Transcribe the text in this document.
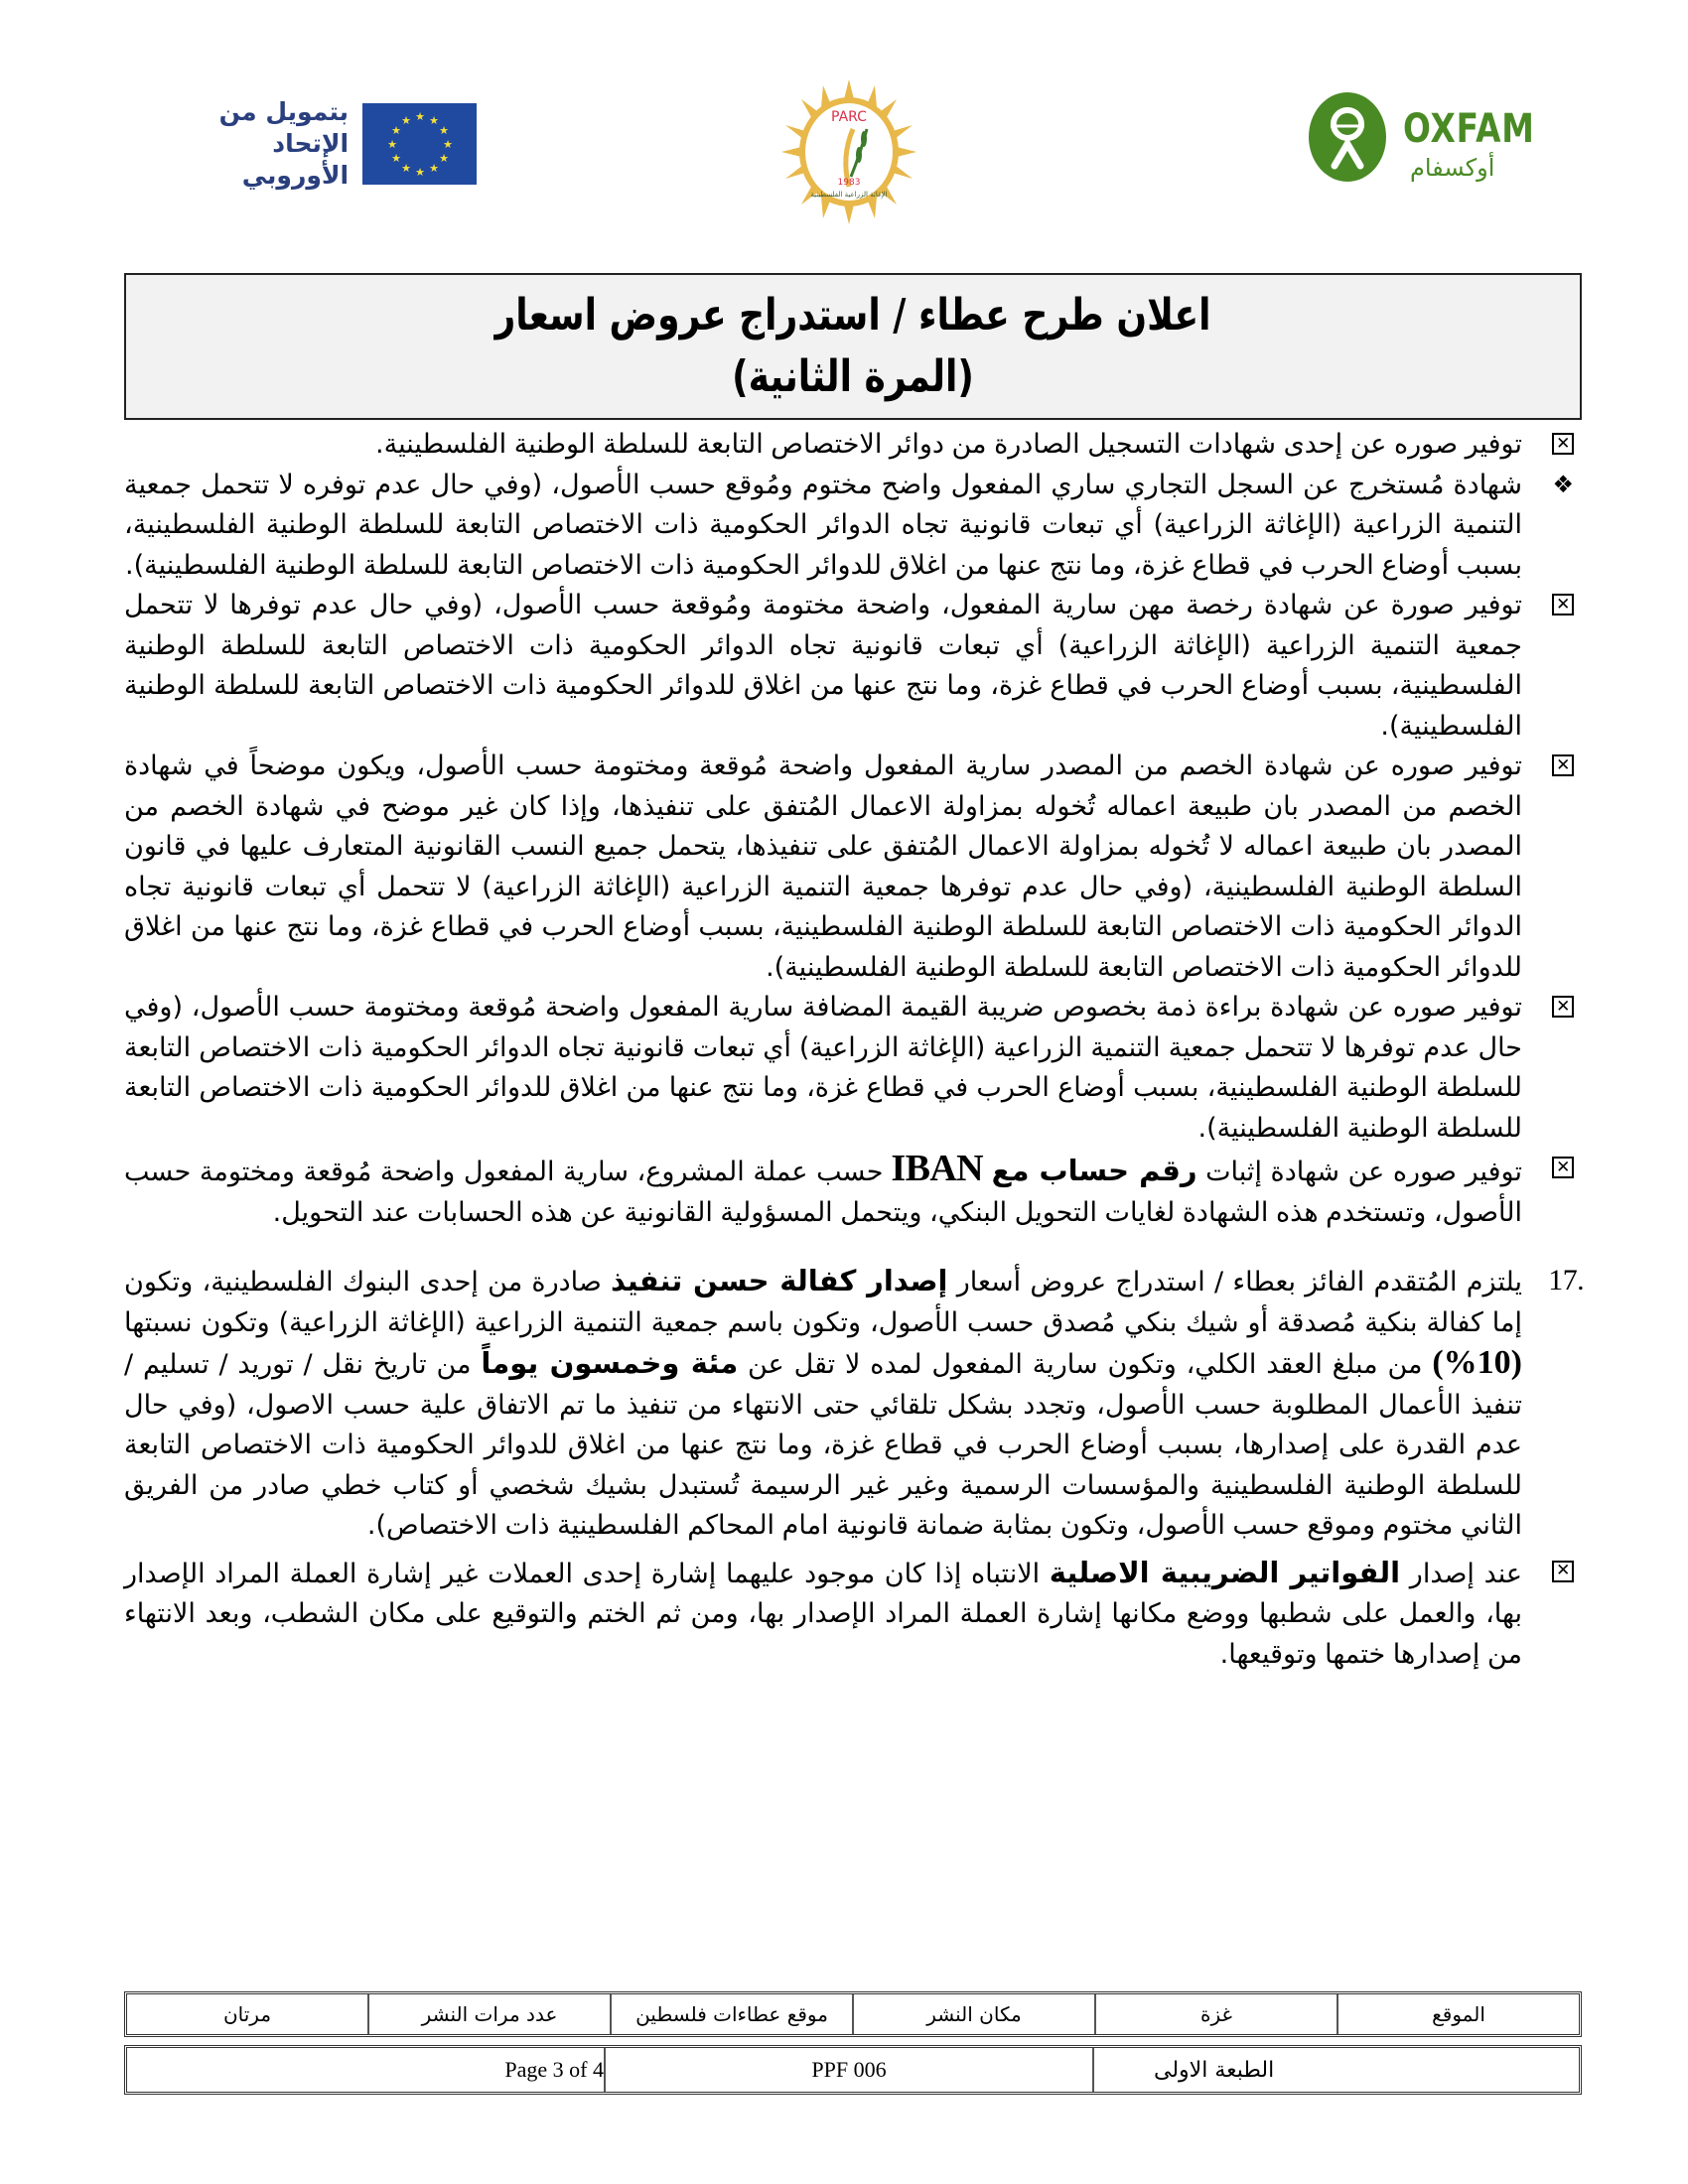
بتمويل من
الإتحاد الأوروبي
★ ★
★
★
★
★
★
★
★
★
★
★	PARC
1983
الإغاثة الزراعية الفلسطينية
OXFAM
أوكسفام
اعلان طرح عطاء / استدراج عروض اسعار
(المرة الثانية)
✕
توفير صوره عن إحدى شهادات التسجيل الصادرة من دوائر الاختصاص التابعة للسلطة الوطنية الفلسطينية.
❖
شهادة مُستخرج عن السجل التجاري ساري المفعول واضح مختوم ومُوقع حسب الأصول، (وفي حال عدم توفره لا تتحمل جمعية التنمية الزراعية (الإغاثة الزراعية) أي تبعات قانونية تجاه الدوائر الحكومية ذات الاختصاص التابعة للسلطة الوطنية الفلسطينية، بسبب أوضاع الحرب في قطاع غزة، وما نتج عنها من اغلاق للدوائر الحكومية ذات الاختصاص التابعة للسلطة الوطنية الفلسطينية).
✕
توفير صورة عن شهادة رخصة مهن سارية المفعول، واضحة مختومة ومُوقعة حسب الأصول، (وفي حال عدم توفرها لا تتحمل جمعية التنمية الزراعية (الإغاثة الزراعية) أي تبعات قانونية تجاه الدوائر الحكومية ذات الاختصاص التابعة للسلطة الوطنية الفلسطينية، بسبب أوضاع الحرب في قطاع غزة، وما نتج عنها من اغلاق للدوائر الحكومية ذات الاختصاص التابعة للسلطة الوطنية الفلسطينية).
✕
توفير صوره عن شهادة الخصم من المصدر سارية المفعول واضحة مُوقعة ومختومة حسب الأصول، ويكون موضحاً في شهادة الخصم من المصدر بان طبيعة اعماله تُخوله بمزاولة الاعمال المُتفق على تنفيذها، وإذا كان غير موضح في شهادة الخصم من المصدر بان طبيعة اعماله لا تُخوله بمزاولة الاعمال المُتفق على تنفيذها، يتحمل جميع النسب القانونية المتعارف عليها في قانون السلطة الوطنية الفلسطينية، (وفي حال عدم توفرها جمعية التنمية الزراعية (الإغاثة الزراعية) لا تتحمل أي تبعات قانونية تجاه الدوائر الحكومية ذات الاختصاص التابعة للسلطة الوطنية الفلسطينية، بسبب أوضاع الحرب في قطاع غزة، وما نتج عنها من اغلاق للدوائر الحكومية ذات الاختصاص التابعة للسلطة الوطنية الفلسطينية).
✕
توفير صوره عن شهادة براءة ذمة بخصوص ضريبة القيمة المضافة سارية المفعول واضحة مُوقعة ومختومة حسب الأصول، (وفي حال عدم توفرها لا تتحمل جمعية التنمية الزراعية (الإغاثة الزراعية) أي تبعات قانونية تجاه الدوائر الحكومية ذات الاختصاص التابعة للسلطة الوطنية الفلسطينية، بسبب أوضاع الحرب في قطاع غزة، وما نتج عنها من اغلاق للدوائر الحكومية ذات الاختصاص التابعة للسلطة الوطنية الفلسطينية).
✕
توفير صوره عن شهادة إثبات رقم حساب مع IBAN حسب عملة المشروع، سارية المفعول واضحة مُوقعة ومختومة حسب الأصول، وتستخدم هذه الشهادة لغايات التحويل البنكي، ويتحمل المسؤولية القانونية عن هذه الحسابات عند التحويل.
17.
يلتزم المُتقدم الفائز بعطاء / استدراج عروض أسعار إصدار كفالة حسن تنفيذ صادرة من إحدى البنوك الفلسطينية، وتكون إما كفالة بنكية مُصدقة أو شيك بنكي مُصدق حسب الأصول، وتكون باسم جمعية التنمية الزراعية (الإغاثة الزراعية) وتكون نسبتها (10%) من مبلغ العقد الكلي، وتكون سارية المفعول لمده لا تقل عن مئة وخمسون يوماً من تاريخ نقل / توريد / تسليم / تنفيذ الأعمال المطلوبة حسب الأصول، وتجدد بشكل تلقائي حتى الانتهاء من تنفيذ ما تم الاتفاق علية حسب الاصول، (وفي حال عدم القدرة على إصدارها، بسبب أوضاع الحرب في قطاع غزة، وما نتج عنها من اغلاق للدوائر الحكومية ذات الاختصاص التابعة للسلطة الوطنية الفلسطينية والمؤسسات الرسمية وغير غير الرسيمة تُستبدل بشيك شخصي أو كتاب خطي صادر من الفريق الثاني مختوم وموقع حسب الأصول، وتكون بمثابة ضمانة قانونية امام المحاكم الفلسطينية ذات الاختصاص).
✕
عند إصدار الفواتير الضريبية الاصلية الانتباه إذا كان موجود عليهما إشارة إحدى العملات غير إشارة العملة المراد الإصدار بها، والعمل على شطبها ووضع مكانها إشارة العملة المراد الإصدار بها، ومن ثم الختم والتوقيع على مكان الشطب، وبعد الانتهاء من إصدارها ختمها وتوقيعها.
الموقع
غزة
مكان النشر
موقع عطاءات فلسطين
عدد مرات النشر
مرتان
الطبعة الاولى
PPF 006
Page 3 of 4
